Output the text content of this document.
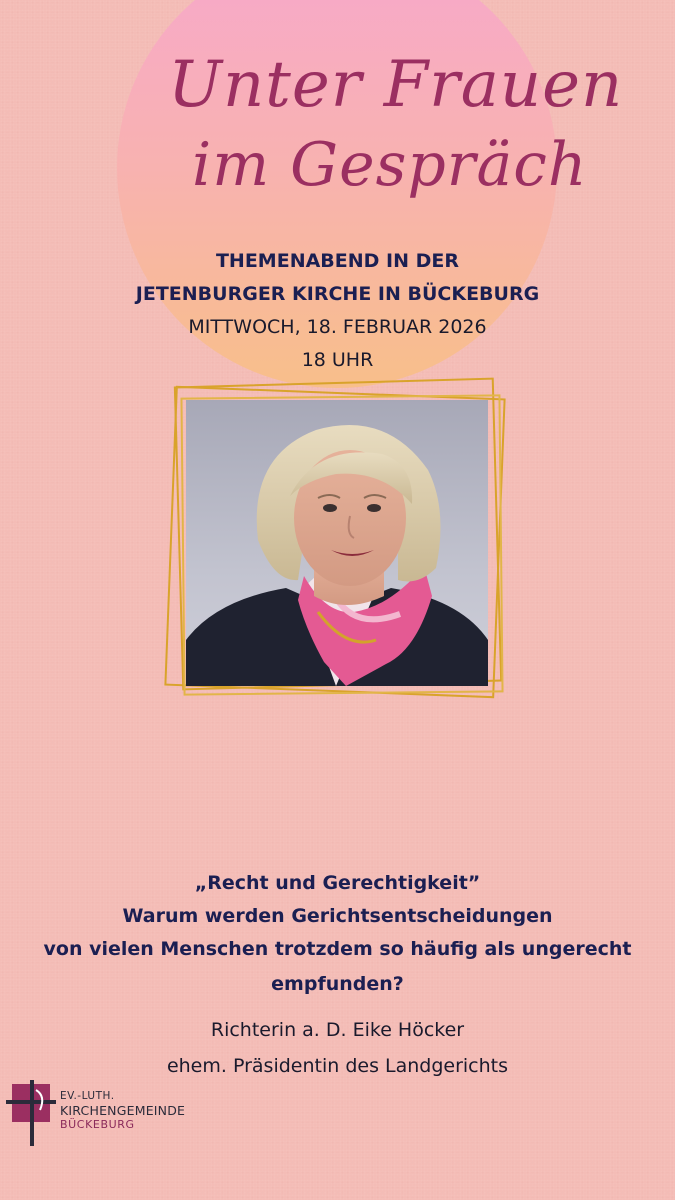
Unter Frauen
im Gespräch

THEMENABEND IN DER

JETENBURGER KIRCHE IN BÜCKEBURG

MITTWOCH, 18. FEBRUAR 2026

18 UHR

„Recht und Gerechtigkeit”

Warum werden Gerichtsentscheidungen

von vielen Menschen trotzdem so häufig als ungerecht

empfunden?

Richterin a. D. Eike Höcker

ehem. Präsidentin des Landgerichts

EV.-LUTH.

KIRCHENGEMEINDE

BÜCKEBURG
